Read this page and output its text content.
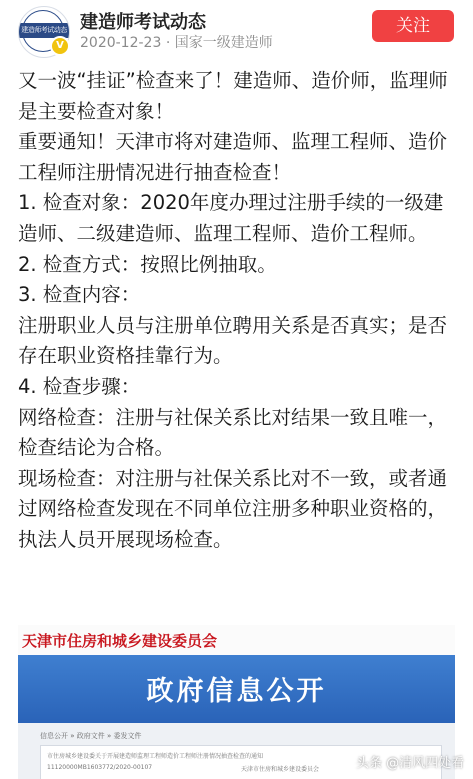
建造师考试动态
V
建造师考试动态
2020-12-23 · 国家一级建造师
关注

又一波“挂证”检查来了！建造师、造价师，监理师是主要检查对象！

重要通知！天津市将对建造师、监理工程师、造价工程师注册情况进行抽查检查！

1. 检查对象：2020年度办理过注册手续的一级建造师、二级建造师、监理工程师、造价工程师。

2. 检查方式：按照比例抽取。

3. 检查内容：

注册职业人员与注册单位聘用关系是否真实；是否存在职业资格挂靠行为。

4. 检查步骤：

网络检查：注册与社保关系比对结果一致且唯一，检查结论为合格。

现场检查：对注册与社保关系比对不一致，或者通过网络检查发现在不同单位注册多种职业资格的，执法人员开展现场检查。

天津市住房和城乡建设委员会
政府信息公开
信息公开 » 政府文件 » 委发文件
市住房城乡建设委关于开展建造师监理工程师造价工程师注册情况抽查检查的通知
11120000MB1603772/2020-00107	天津市住房和城乡建设委员会	头条 @清风四处看
